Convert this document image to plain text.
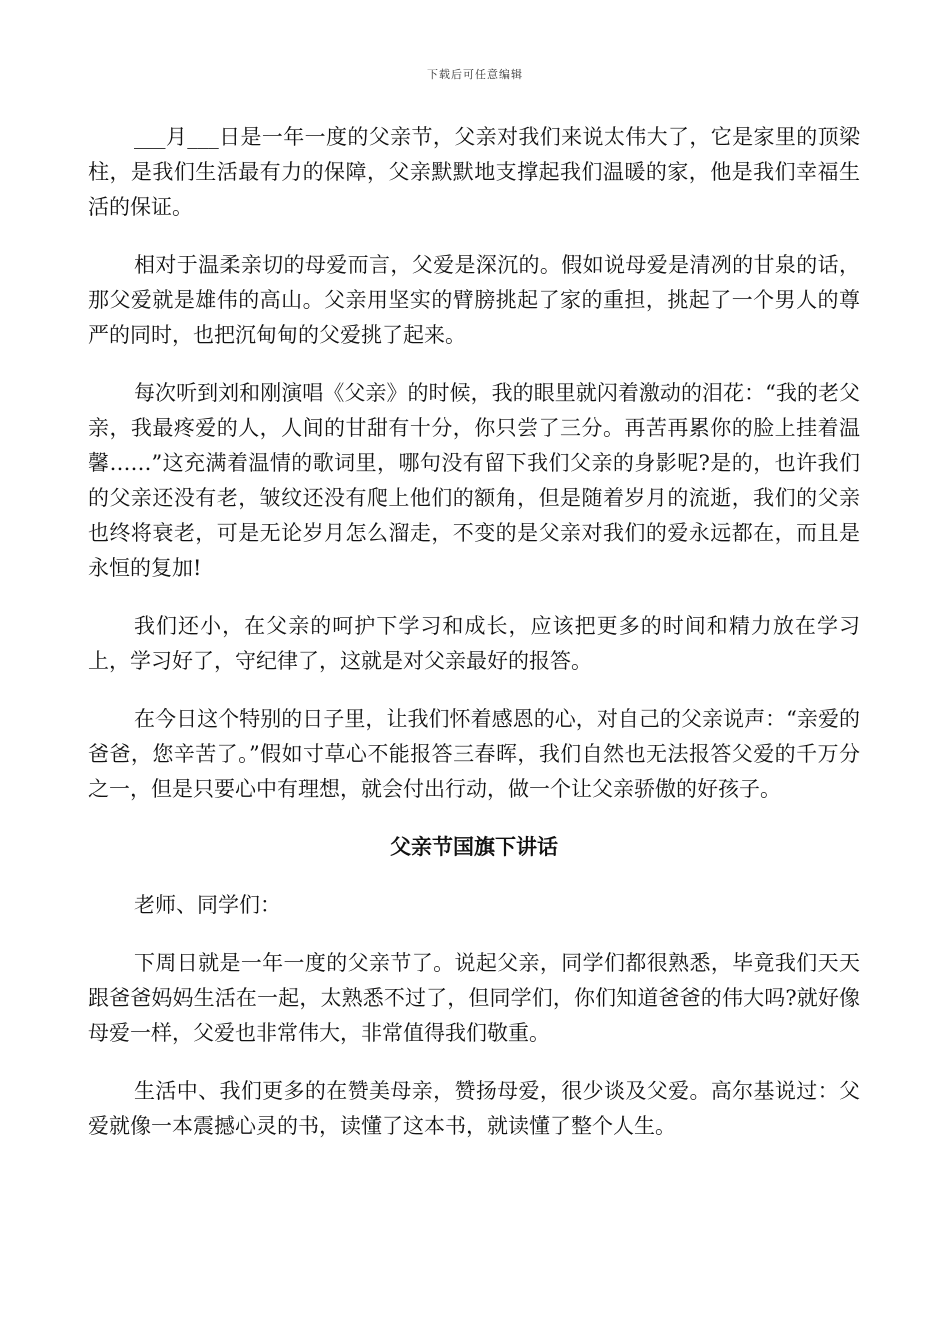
下载后可任意编辑

___月___日是一年一度的父亲节，父亲对我们来说太伟大了，它是家里的顶梁柱，是我们生活最有力的保障，父亲默默地支撑起我们温暖的家，他是我们幸福生活的保证。

相对于温柔亲切的母爱而言，父爱是深沉的。假如说母爱是清冽的甘泉的话，那父爱就是雄伟的高山。父亲用坚实的臂膀挑起了家的重担，挑起了一个男人的尊严的同时，也把沉甸甸的父爱挑了起来。

每次听到刘和刚演唱《父亲》的时候，我的眼里就闪着激动的泪花：“我的老父亲，我最疼爱的人，人间的甘甜有十分，你只尝了三分。再苦再累你的脸上挂着温馨……”这充满着温情的歌词里，哪句没有留下我们父亲的身影呢?是的，也许我们的父亲还没有老，皱纹还没有爬上他们的额角，但是随着岁月的流逝，我们的父亲也终将衰老，可是无论岁月怎么溜走，不变的是父亲对我们的爱永远都在，而且是永恒的复加!

我们还小，在父亲的呵护下学习和成长，应该把更多的时间和精力放在学习上，学习好了，守纪律了，这就是对父亲最好的报答。

在今日这个特别的日子里，让我们怀着感恩的心，对自己的父亲说声：“亲爱的爸爸，您辛苦了。”假如寸草心不能报答三春晖，我们自然也无法报答父爱的千万分之一，但是只要心中有理想，就会付出行动，做一个让父亲骄傲的好孩子。

父亲节国旗下讲话

老师、同学们：

下周日就是一年一度的父亲节了。说起父亲，同学们都很熟悉，毕竟我们天天跟爸爸妈妈生活在一起，太熟悉不过了，但同学们，你们知道爸爸的伟大吗?就好像母爱一样，父爱也非常伟大，非常值得我们敬重。

生活中、我们更多的在赞美母亲，赞扬母爱，很少谈及父爱。高尔基说过：父爱就像一本震撼心灵的书，读懂了这本书，就读懂了整个人生。
